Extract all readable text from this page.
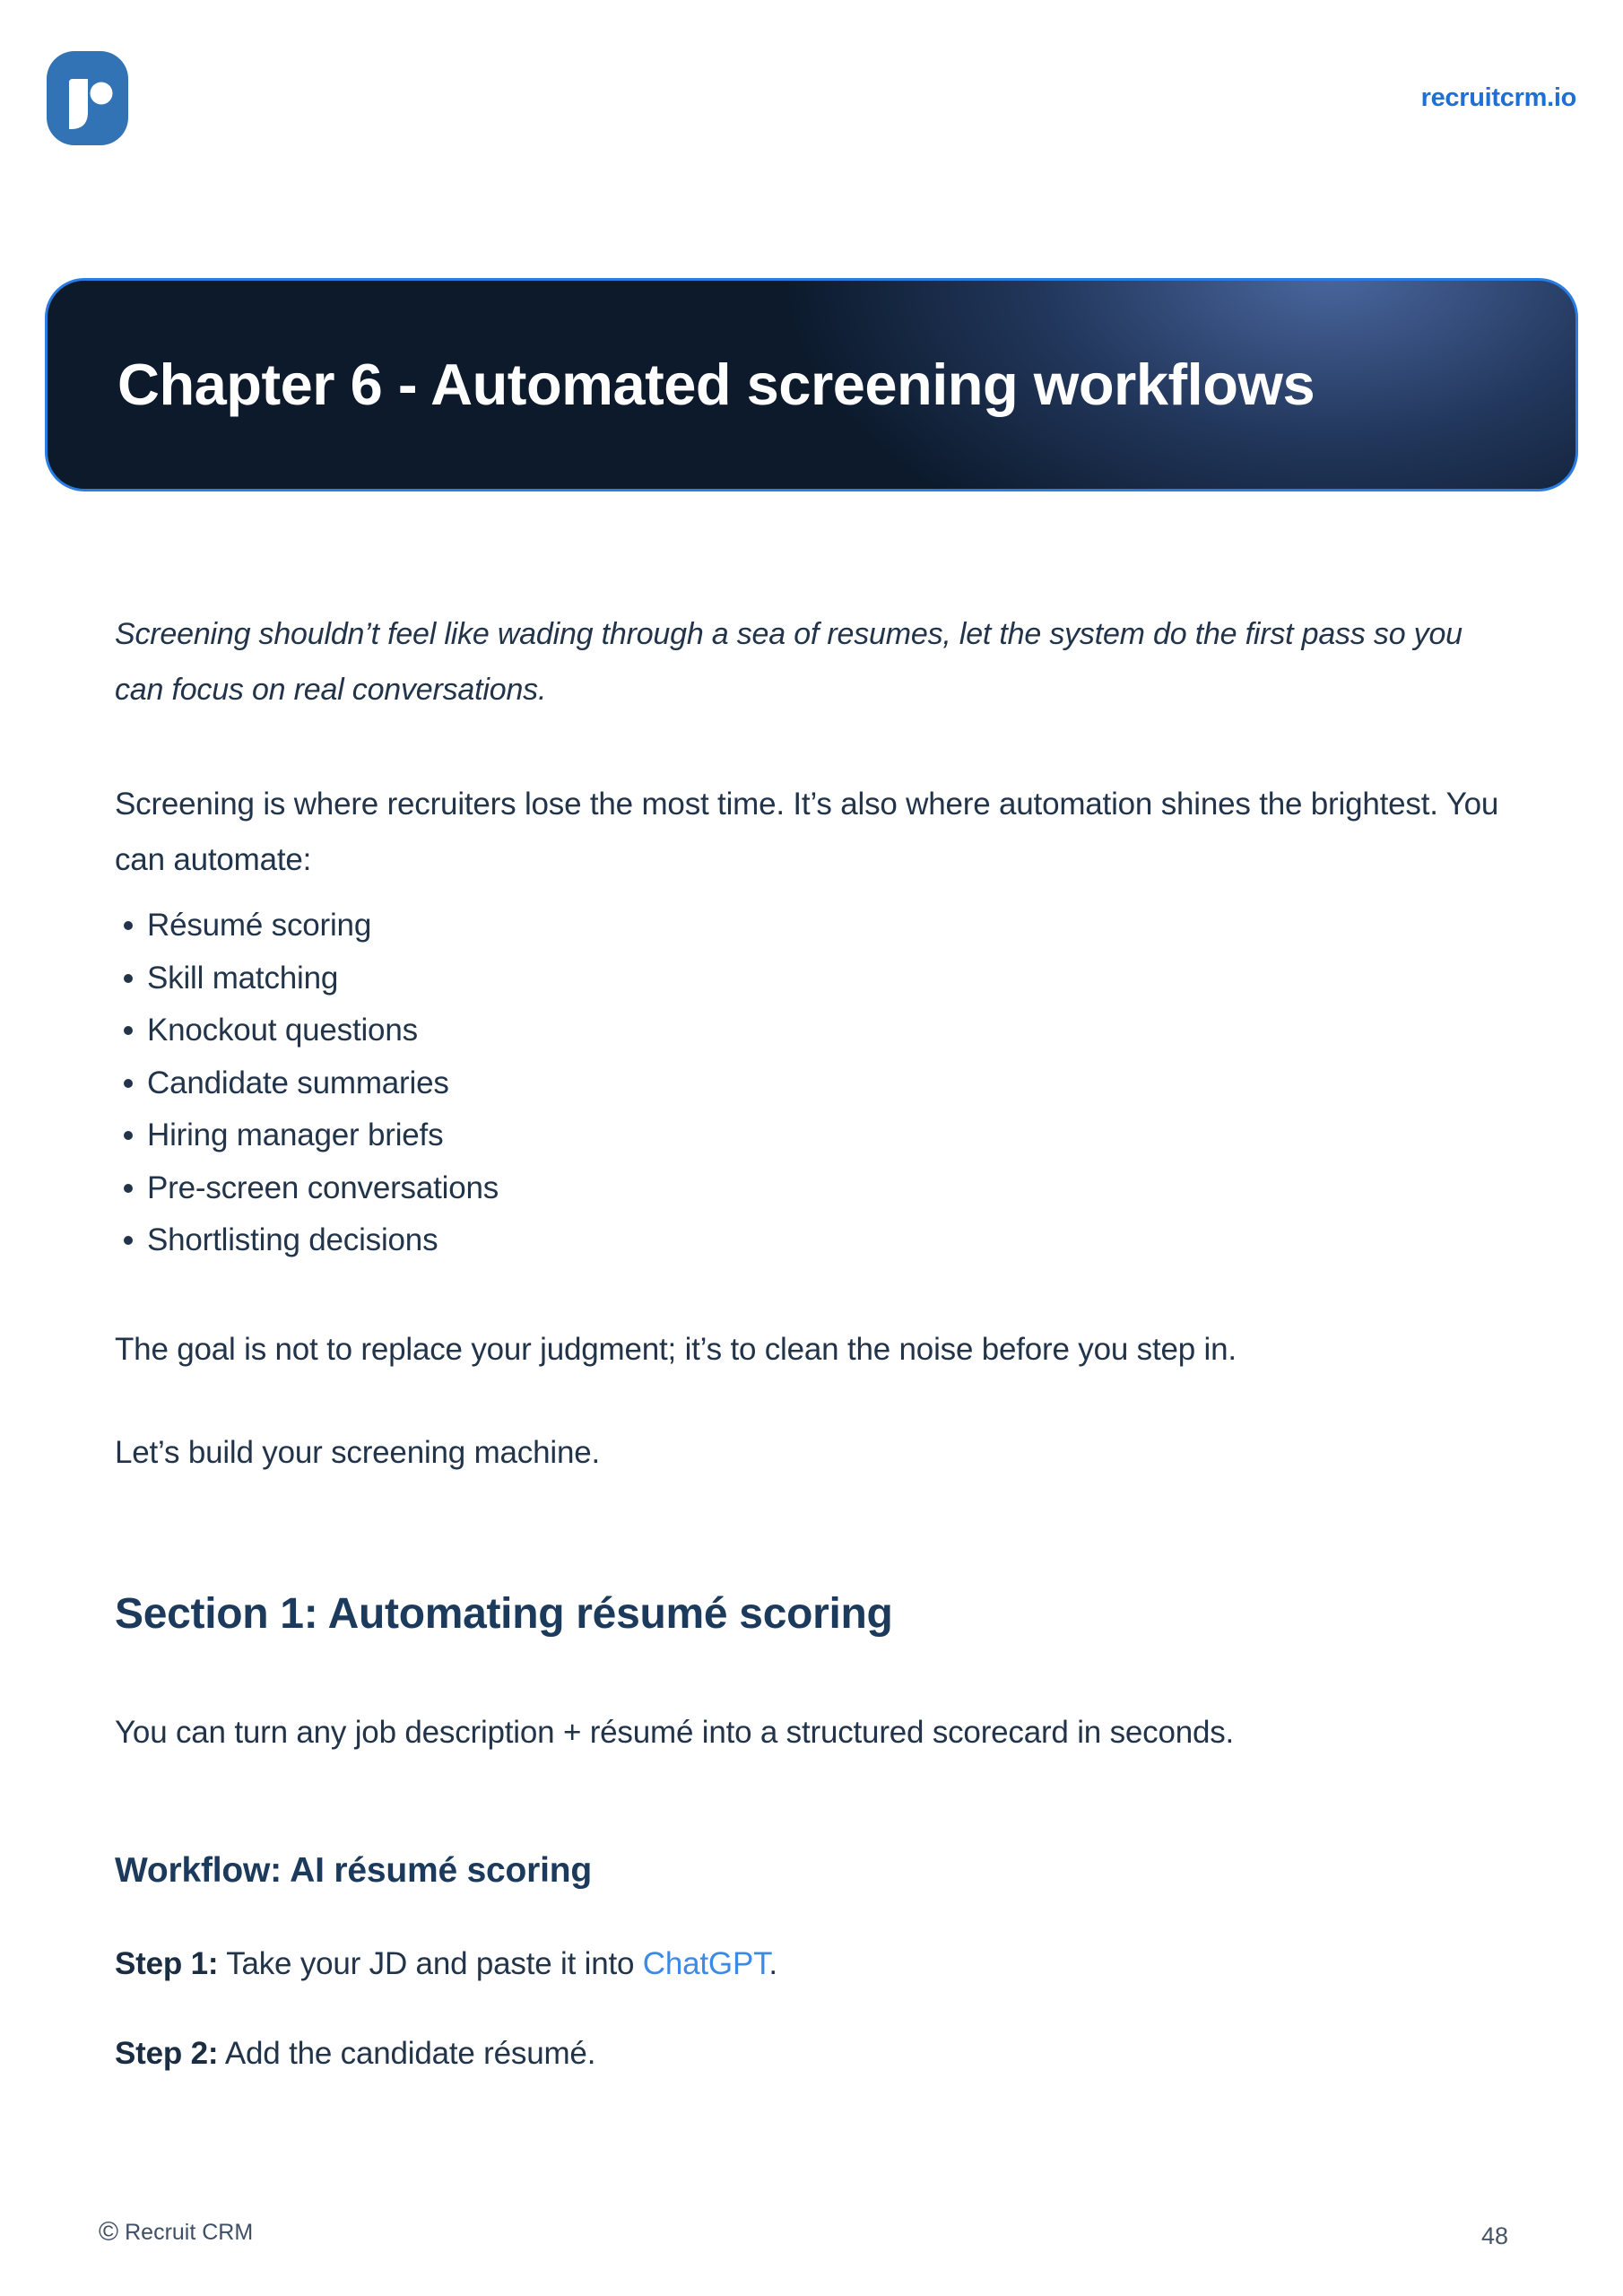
recruitcrm.io
Chapter 6 - Automated screening workflows

Screening shouldn’t feel like wading through a sea of resumes, let the system do the first pass so you can focus on real conversations.

Screening is where recruiters lose the most time. It’s also where automation shines the brightest. You can automate:

Résumé scoring
Skill matching
Knockout questions
Candidate summaries
Hiring manager briefs
Pre-screen conversations
Shortlisting decisions

The goal is not to replace your judgment; it’s to clean the noise before you step in.

Let’s build your screening machine.

Section 1: Automating résumé scoring

You can turn any job description + résumé into a structured scorecard in seconds.

Workflow: AI résumé scoring

Step 1: Take your JD and paste it into ChatGPT.

Step 2: Add the candidate résumé.

© Recruit CRM	48
